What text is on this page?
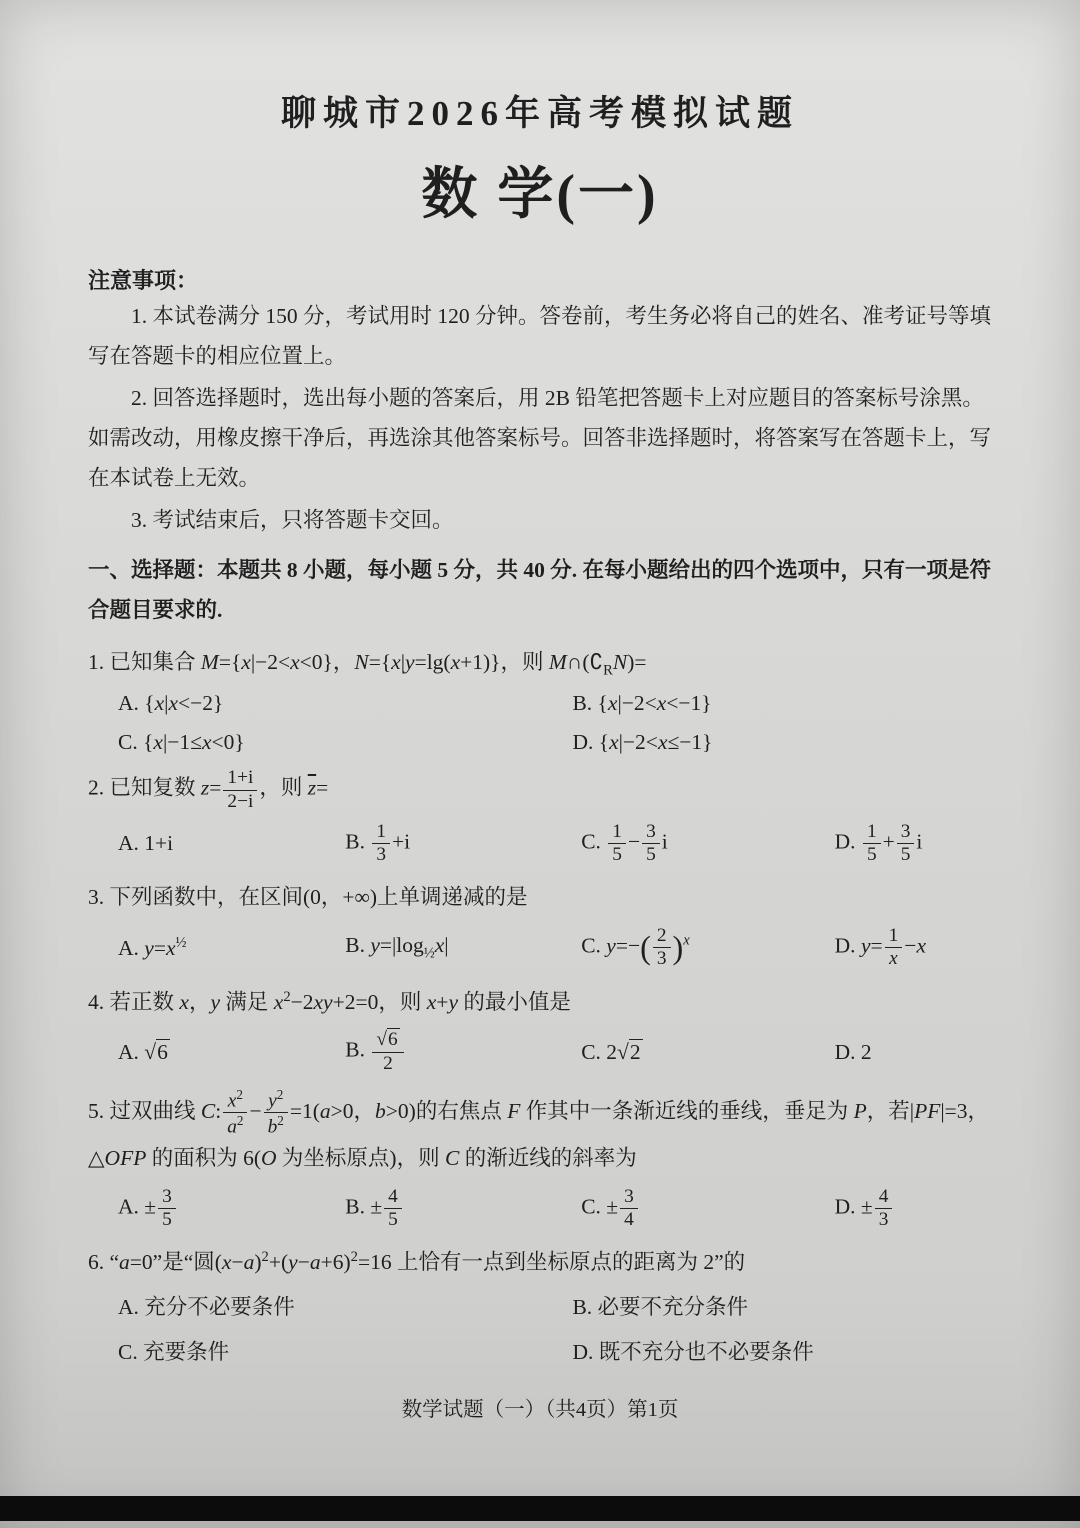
聊城市2026年高考模拟试题
数 学(一)

注意事项：

1. 本试卷满分 150 分，考试用时 120 分钟。答卷前，考生务必将自己的姓名、准考证号等填写在答题卡的相应位置上。

2. 回答选择题时，选出每小题的答案后，用 2B 铅笔把答题卡上对应题目的答案标号涂黑。如需改动，用橡皮擦干净后，再选涂其他答案标号。回答非选择题时，将答案写在答题卡上，写在本试卷上无效。

3. 考试结束后，只将答题卡交回。

一、选择题：本题共 8 小题，每小题 5 分，共 40 分. 在每小题给出的四个选项中，只有一项是符合题目要求的.

1. 已知集合 M={x|−2<x<0}，N={x|y=lg(x+1)}，则 $M\cap(∁_RN)=$

A. {x|x<−2}	B. {x|−2<x<−1}
C. {x|−1≤x<0}	D. {x|−2<x≤−1}

2. 已知复数 $z= \frac{1+i}{2-i}$ ，则 $\overline{z}=$

A. 1+i	B. $\frac{1}{3} +i$	C. $\frac{1}{5} - \frac{3}{5}$ i	D. $\frac{1}{5} + \frac{3}{5}$ i

3. 下列函数中，在区间(0，+∞)上单调递减的是

A. $y=x^{\frac{1}{2}}$	B. $y=|\log_{\frac{1}{2}}x|$	C. $y=-( \frac{2}{3} )^x$	D. $y= \frac{1}{x} -x$

4. 若正数 x，y 满足 $x^2-2xy+2=0$，则 x+y 的最小值是

A. √6	B. $\frac{√6}{2}$	C. 2√2	D. 2

5. 过双曲线 C: $\frac{x^2}{a^2} - \frac{y^2}{b^2} =1(a>0$，b>0)的右焦点 F 作其中一条渐近线的垂线，垂足为 P，若|PF|=3，△OFP 的面积为 6(O 为坐标原点)，则 C 的渐近线的斜率为

A. ± $\frac{3}{5}$	B. ± $\frac{4}{5}$	C. ± $\frac{3}{4}$	D. ± $\frac{4}{3}$

6. “a=0”是“圆$(x-a)^2+(y-a+6)^2=16$ 上恰有一点到坐标原点的距离为 2”的

A. 充分不必要条件	B. 必要不充分条件
C. 充要条件	D. 既不充分也不必要条件

数学试题（一）（共4页）第1页
